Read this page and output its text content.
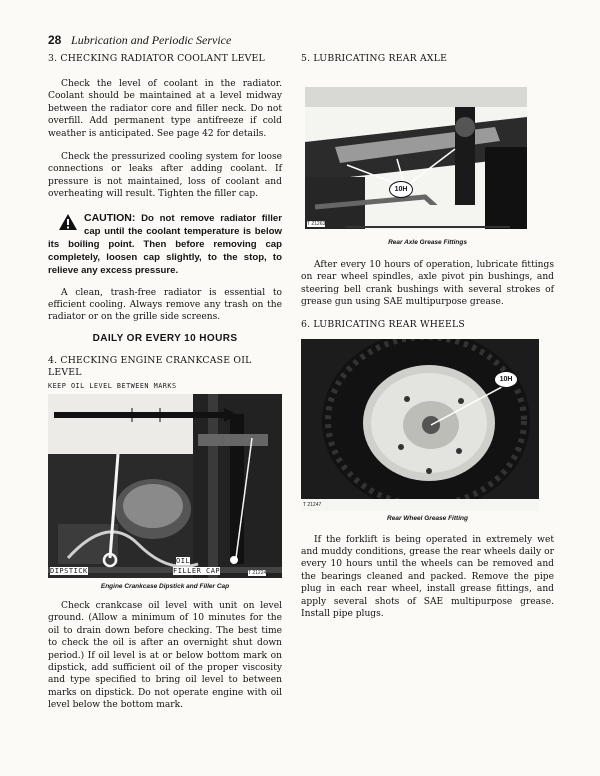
28 Lubrication and Periodic Service
3. CHECKING RADIATOR COOLANT LEVEL

Check the level of coolant in the radiator. Coolant should be maintained at a level midway between the radiator core and filler neck. Do not overfill. Add permanent type antifreeze if cold weather is anticipated. See page 42 for details.

Check the pressurized cooling system for loose connections or leaks after adding coolant. If pressure is not maintained, loss of coolant and overheating will result. Tighten the filler cap.

CAUTION: Do not remove radiator filler cap until the coolant temperature is below its boiling point. Then before removing cap completely, loosen cap slightly, to the stop, to relieve any excess pressure.

A clean, trash-free radiator is essential to efficient cooling. Always remove any trash on the radiator or on the grille side screens.

DAILY OR EVERY 10 HOURS
4. CHECKING ENGINE CRANKCASE OIL LEVEL
DIPSTICK
OIL
FILLER CAP	T 21224
KEEP OIL LEVEL BETWEEN MARKS
Engine Crankcase Dipstick and Filler Cap

Check crankcase oil level with unit on level ground. (Allow a minimum of 10 minutes for the oil to drain down before checking. The best time to check the oil is after an overnight shut down period.) If oil level is at or below bottom mark on dipstick, add sufficient oil of the proper viscosity and type specified to bring oil level to between marks on dipstick. Do not operate engine with oil level below the bottom mark.

5. LUBRICATING REAR AXLE
10H
T 21263
Rear Axle Grease Fittings

After every 10 hours of operation, lubricate fittings on rear wheel spindles, axle pivot pin bushings, and steering bell crank bushings with several strokes of grease gun using SAE multipurpose grease.

6. LUBRICATING REAR WHEELS
10H
T 21247
Rear Wheel Grease Fitting

If the forklift is being operated in extremely wet and muddy conditions, grease the rear wheels daily or every 10 hours until the wheels can be removed and the bearings cleaned and packed. Remove the pipe plug in each rear wheel, install grease fittings, and apply several shots of SAE multipurpose grease. Install pipe plugs.
